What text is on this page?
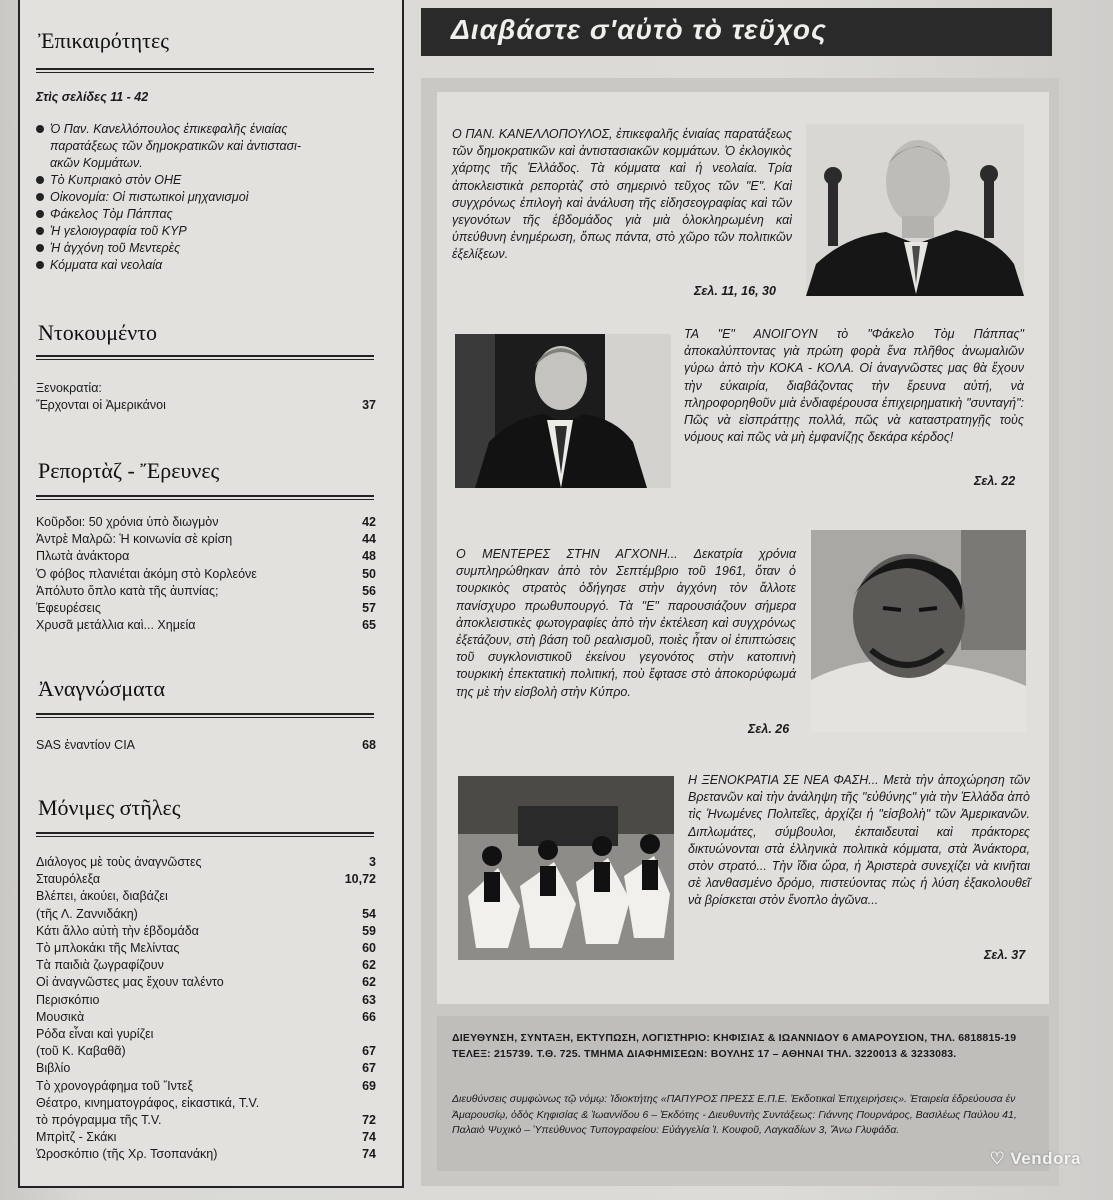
Ἐπικαιρότητες
Στὶς σελίδες 11 - 42
Ὁ Παν. Κανελλόπουλος ἐπικεφαλῆς ἑνιαίας
παρατάξεως τῶν δημοκρατικῶν καὶ ἀντιστασι-
ακῶν Κομμάτων.
Τὸ Κυπριακὸ στὸν ΟΗΕ
Οἰκονομία: Οἱ πιστωτικοὶ μηχανισμοὶ
Φάκελος Τὸμ Πάππας
Ἡ γελοιογραφία τοῦ ΚΥΡ
Ἡ ἀγχόνη τοῦ Μεντερὲς
Κόμματα καὶ νεολαία
Ντοκουμέντο
Ξενοκρατία:
Ἔρχονται οἱ Ἀμερικάνοι	37
Ρεπορτὰζ - Ἔρευνες
Κοῦρδοι: 50 χρόνια ὑπὸ διωγμὸν	42
Ἀντρὲ Μαλρῶ: Ἡ κοινωνία σὲ κρίση	44
Πλωτὰ ἀνάκτορα	48
Ὁ φόβος πλανιέται ἀκόμη στὸ Κορλεόνε	50
Ἀπόλυτο ὅπλο κατὰ τῆς ἀυπνίας;	56
Ἐφευρέσεις	57
Χρυσᾶ μετάλλια καὶ... Χημεία	65
Ἀναγνώσματα
SAS ἐναντίον CIA	68
Μόνιμες στῆλες
Διάλογος μὲ τοὺς ἀναγνῶστες	3
Σταυρόλεξα	10,72
Βλέπει, ἀκούει, διαβάζει
(τῆς Λ. Ζαννιδάκη)	54
Κάτι ἄλλο αὐτὴ τὴν ἑβδομάδα	59
Τὸ μπλοκάκι τῆς Μελίντας	60
Τὰ παιδιὰ ζωγραφίζουν	62
Οἱ ἀναγνῶστες μας ἔχουν ταλέντο	62
Περισκόπιο	63
Μουσικὰ	66
Ρόδα εἶναι καὶ γυρίζει
(τοῦ Κ. Καβαθᾶ)	67
Βιβλίο	67
Τὸ χρονογράφημα τοῦ Ἴντεξ	69
Θέατρο, κινηματογράφος, εἰκαστικά, T.V.
τὸ πρόγραμμα τῆς T.V.	72
Μπρὶτζ - Σκάκι	74
Ὡροσκόπιο (τῆς Χρ. Τσοπανάκη)	74
Διαβάστε σ'αὐτὸ τὸ τεῦχος
Ο ΠΑΝ. ΚΑΝΕΛΛΟΠΟΥΛΟΣ, ἐπικεφαλῆς ἑνιαίας παρατάξεως τῶν δημοκρατικῶν καὶ ἀντιστασιακῶν κομμάτων. Ὁ ἐκλογικὸς χάρτης τῆς Ἑλλάδος. Τὰ κόμματα καὶ ἡ νεολαία. Τρία ἀποκλειστικὰ ρεπορτὰζ στὸ σημερινὸ τεῦχος τῶν "Ε". Καὶ συγχρόνως ἐπιλογὴ καὶ ἀνάλυση τῆς εἰδησεογραφίας καὶ τῶν γεγονότων τῆς ἑβδομάδος γιὰ μιὰ ὁλοκληρωμένη καὶ ὑπεύθυνη ἐνημέρωση, ὅπως πάντα, στὸ χῶρο τῶν πολιτικῶν ἐξελίξεων.
Σελ. 11, 16, 30
ΤΑ "Ε" ΑΝΟΙΓΟΥΝ τὸ "Φάκελο Τὸμ Πάππας" ἀποκαλύπτοντας γιὰ πρώτη φορὰ ἕνα πλῆθος ἀνωμαλιῶν γύρω ἀπὸ τὴν ΚΟΚΑ - ΚΟΛΑ. Οἱ ἀναγνῶστες μας θὰ ἔχουν τὴν εὐκαιρία, διαβάζοντας τὴν ἔρευνα αὐτή, νὰ πληροφορηθοῦν μιὰ ἐνδιαφέρουσα ἐπιχειρηματικὴ "συνταγή": Πῶς νὰ εἰσπράττῃς πολλά, πῶς νὰ καταστρατηγῇς τοὺς νόμους καὶ πῶς νὰ μὴ ἐμφανίζῃς δεκάρα κέρδος!
Σελ. 22
Ο ΜΕΝΤΕΡΕΣ ΣΤΗΝ ΑΓΧΟΝΗ... Δεκατρία χρόνια συμπληρώθηκαν ἀπὸ τὸν Σεπτέμβριο τοῦ 1961, ὅταν ὁ τουρκικὸς στρατὸς ὁδήγησε στὴν ἀγχόνη τὸν ἄλλοτε πανίσχυρο πρωθυπουργό. Τὰ "Ε" παρουσιάζουν σήμερα ἀποκλειστικὲς φωτογραφίες ἀπὸ τὴν ἐκτέλεση καὶ συγχρόνως ἐξετάζουν, στὴ βάση τοῦ ρεαλισμοῦ, ποιὲς ἦταν οἱ ἐπιπτώσεις τοῦ συγκλονιστικοῦ ἐκείνου γεγονότος στὴν κατοπινὴ τουρκικὴ ἐπεκτατικὴ πολιτική, ποὺ ἔφτασε στὸ ἀποκορύφωμά της μὲ τὴν εἰσβολὴ στὴν Κύπρο.
Σελ. 26
Η ΞΕΝΟΚΡΑΤΙΑ ΣΕ ΝΕΑ ΦΑΣΗ... Μετὰ τὴν ἀποχώρηση τῶν Βρετανῶν καὶ τὴν ἀνάληψη τῆς "εὐθύνης" γιὰ τὴν Ἑλλάδα ἀπὸ τὶς Ἡνωμένες Πολιτεῖες, ἀρχίζει ἡ "εἰσβολὴ" τῶν Ἀμερικανῶν. Διπλωμάτες, σύμβουλοι, ἐκπαιδευταὶ καὶ πράκτορες δικτυώνονται στὰ ἑλληνικὰ πολιτικὰ κόμματα, στὰ Ἀνάκτορα, στὸν στρατό... Τὴν ἴδια ὥρα, ἡ Ἀριστερὰ συνεχίζει νὰ κινῆται σὲ λανθασμένο δρόμο, πιστεύοντας πὼς ἡ λύση ἐξακολουθεῖ νὰ βρίσκεται στὸν ἔνοπλο ἀγῶνα...
Σελ. 37
ΔΙΕΥΘΥΝΣΗ, ΣΥΝΤΑΞΗ, ΕΚΤΥΠΩΣΗ, ΛΟΓΙΣΤΗΡΙΟ: ΚΗΦΙΣΙΑΣ & ΙΩΑΝΝΙΔΟΥ 6 ΑΜΑΡΟΥΣΙΟΝ, ΤΗΛ. 6818815-19 ΤΕΛΕΞ: 215739. Τ.Θ. 725. ΤΜΗΜΑ ΔΙΑΦΗΜΙΣΕΩΝ: ΒΟΥΛΗΣ 17 – ΑΘΗΝΑΙ ΤΗΛ. 3220013 & 3233083.
Διευθύνσεις συμφώνως τῷ νόμῳ: Ἰδιοκτήτης «ΠΑΠΥΡΟΣ ΠΡΕΣΣ Ε.Π.Ε. Ἐκδοτικαὶ Ἐπιχειρήσεις». Ἑταιρεία ἑδρεύουσα ἐν Ἀμαρουσίῳ, ὁδὸς Κηφισίας & Ἰωαννίδου 6 – Ἐκδότης - Διευθυντὴς Συντάξεως: Γιάννης Πουρνάρος, Βασιλέως Παύλου 41, Παλαιὸ Ψυχικὸ – Ὑπεύθυνος Τυπογραφείου: Εὐάγγελία Ἰ. Κουφοῦ, Λαγκαδίων 3, Ἄνω Γλυφάδα.
♡ Vendora
